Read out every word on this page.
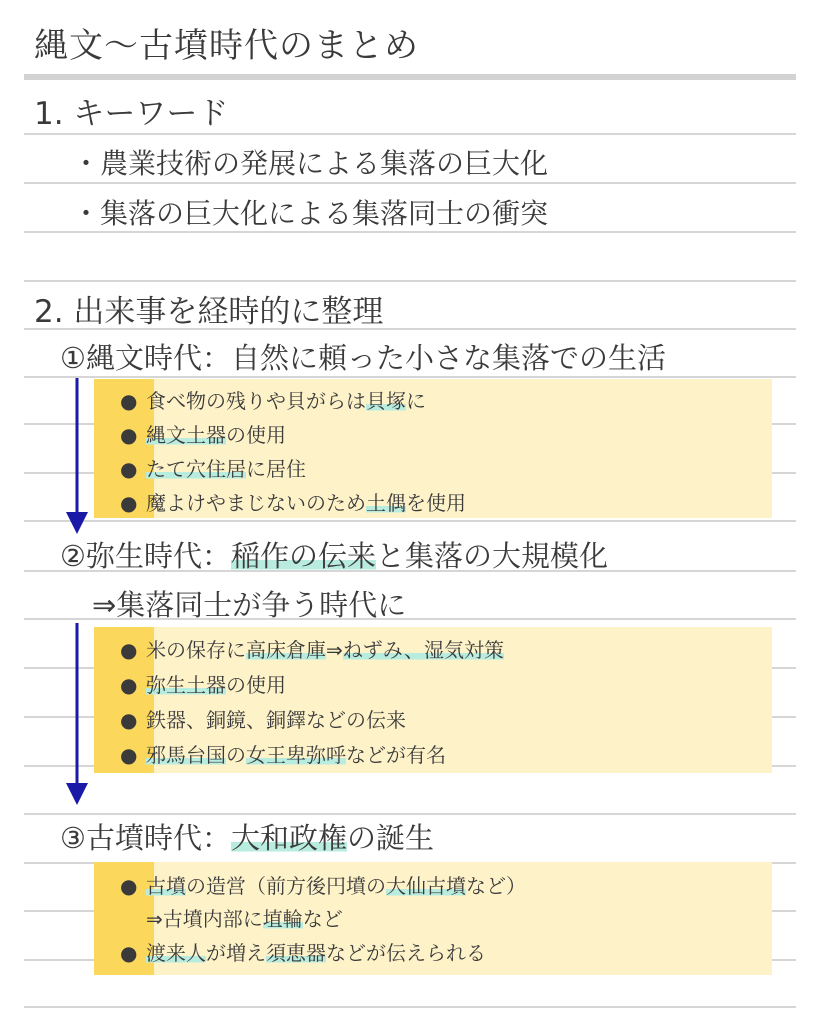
縄文〜古墳時代のまとめ
1. キーワード
・農業技術の発展による集落の巨大化
・集落の巨大化による集落同士の衝突
2. 出来事を経時的に整理
①縄文時代：自然に頼った小さな集落での生活
● 食べ物の残りや貝がらは貝塚に
● 縄文土器の使用
● たて穴住居に居住
● 魔よけやまじないのため土偶を使用
②弥生時代：稲作の伝来と集落の大規模化
⇒集落同士が争う時代に
● 米の保存に高床倉庫⇒ねずみ、湿気対策
● 弥生土器の使用
● 鉄器、銅鏡、銅鐸などの伝来
● 邪馬台国の女王卑弥呼などが有名
③古墳時代：大和政権の誕生
● 古墳の造営（前方後円墳の大仙古墳など）
⇒古墳内部に埴輪など
● 渡来人が増え須恵器などが伝えられる
